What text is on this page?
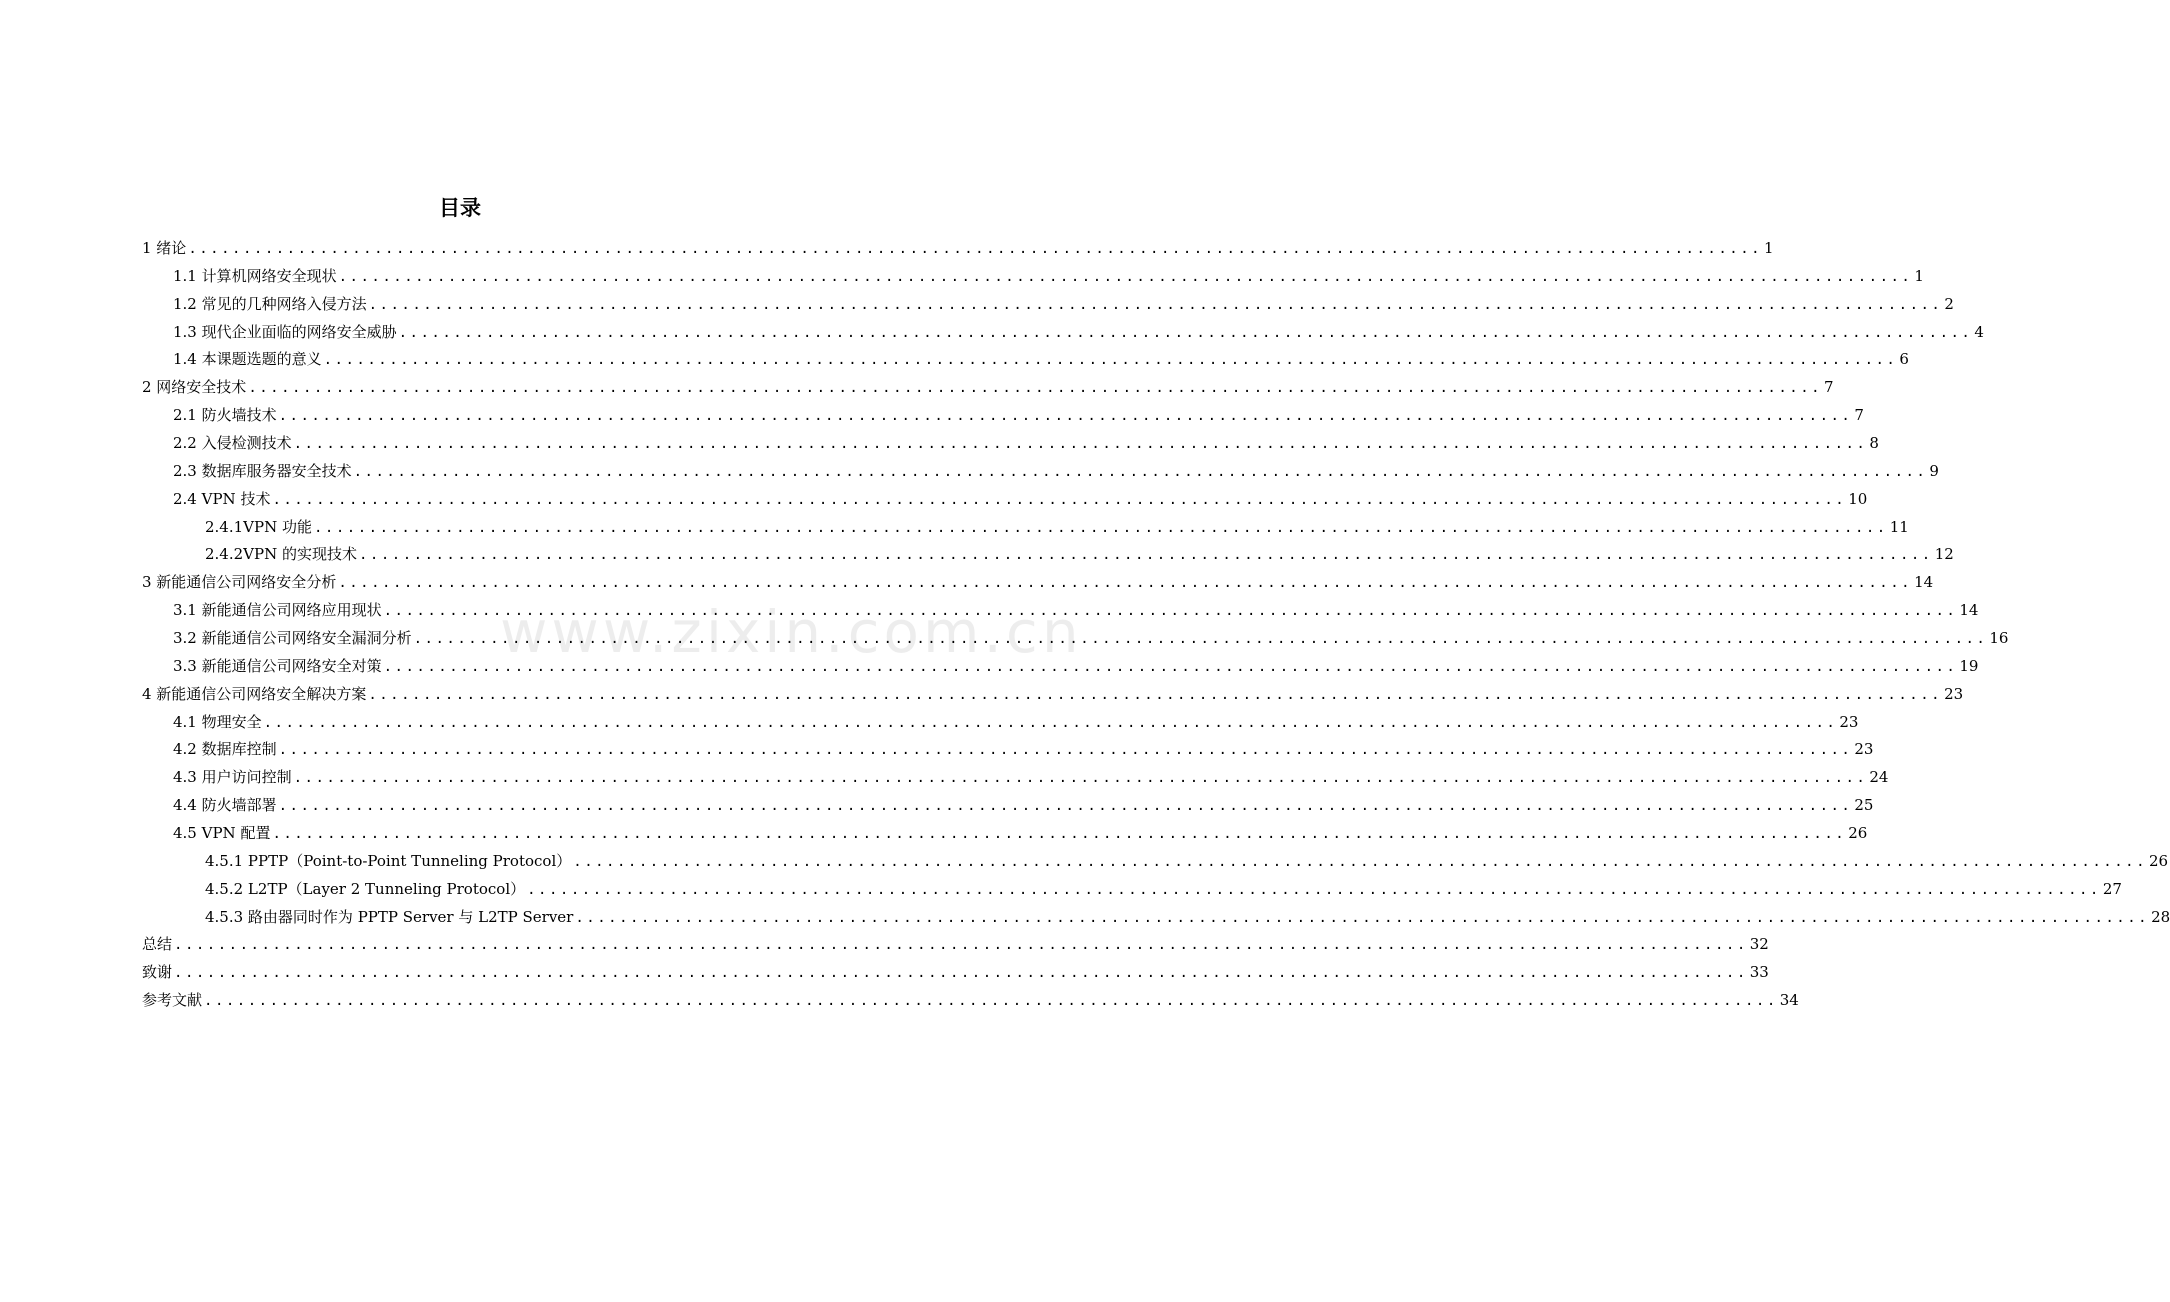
www.zixin.com.cn
目录
1 绪论 .....	1
1.1 计算机网络安全现状 .....	1
1.2 常见的几种网络入侵方法 .....	2
1.3 现代企业面临的网络安全威胁 .....	4
1.4 本课题选题的意义 .....	6
2 网络安全技术 .....	7
2.1 防火墙技术 .....	7
2.2 入侵检测技术 .....	8
2.3 数据库服务器安全技术 .....	9
2.4 VPN 技术 .....	10
2.4.1VPN 功能 .....	11
2.4.2VPN 的实现技术 .....	12
3 新能通信公司网络安全分析 .....	14
3.1 新能通信公司网络应用现状 .....	14
3.2 新能通信公司网络安全漏洞分析 .....	16
3.3 新能通信公司网络安全对策 .....	19
4 新能通信公司网络安全解决方案 .....	23
4.1 物理安全 .....	23
4.2 数据库控制 .....	23
4.3 用户访问控制 .....	24
4.4 防火墙部署 .....	25
4.5 VPN 配置 .....	26
4.5.1 PPTP（Point-to-Point Tunneling Protocol） .....	26
4.5.2 L2TP（Layer 2 Tunneling Protocol） .....	27
4.5.3 路由器同时作为 PPTP Server 与 L2TP Server .....	28
总结 .....	32
致谢 .....	33
参考文献 .....	34
